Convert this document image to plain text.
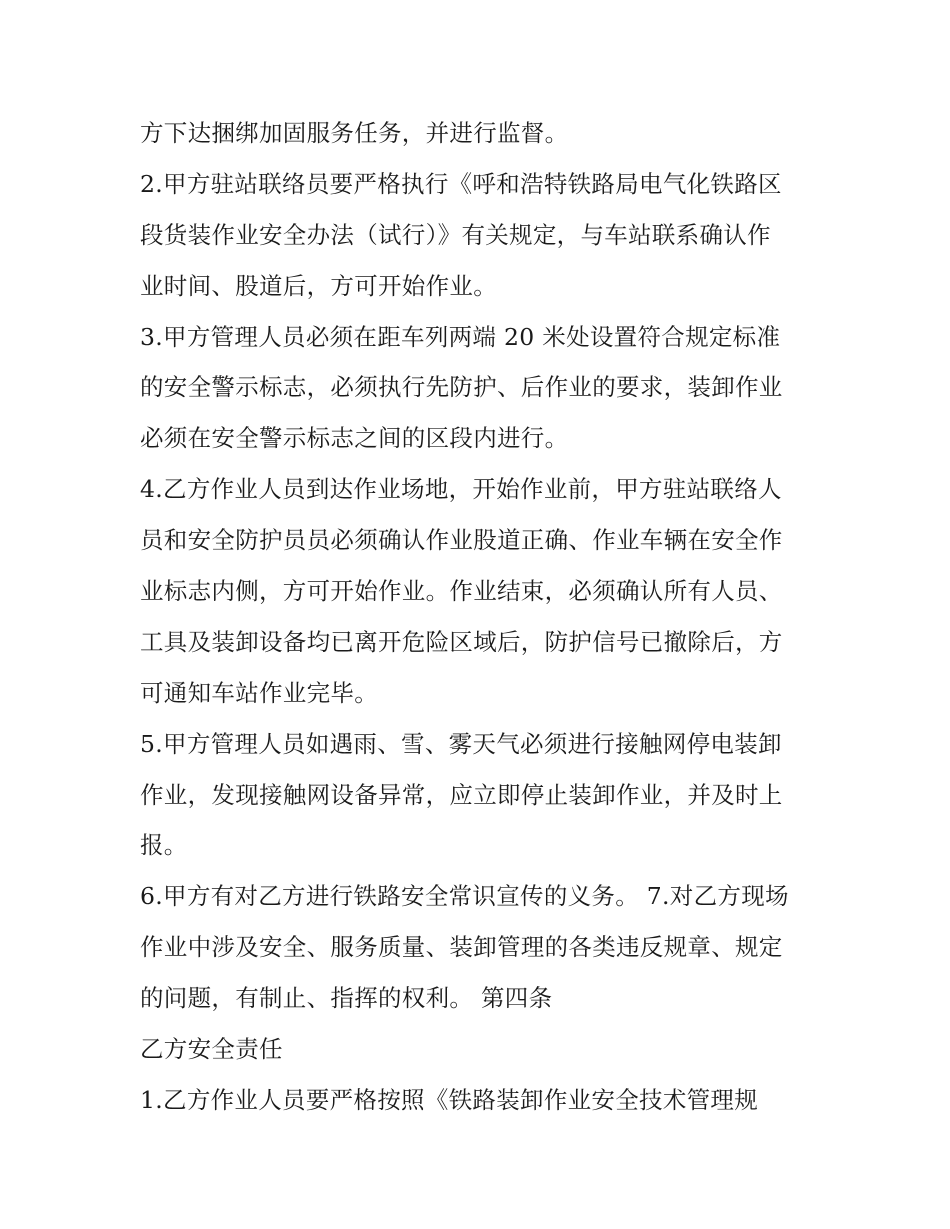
方下达捆绑加固服务任务，并进行监督。
2.甲方驻站联络员要严格执行《呼和浩特铁路局电气化铁路区
段货装作业安全办法（试行）》有关规定，与车站联系确认作
业时间、股道后，方可开始作业。
3.甲方管理人员必须在距车列两端 20 米处设置符合规定标准
的安全警示标志，必须执行先防护、后作业的要求，装卸作业
必须在安全警示标志之间的区段内进行。
4.乙方作业人员到达作业场地，开始作业前，甲方驻站联络人
员和安全防护员员必须确认作业股道正确、作业车辆在安全作
业标志内侧，方可开始作业。作业结束，必须确认所有人员、
工具及装卸设备均已离开危险区域后，防护信号已撤除后，方
可通知车站作业完毕。
5.甲方管理人员如遇雨、雪、雾天气必须进行接触网停电装卸
作业，发现接触网设备异常，应立即停止装卸作业，并及时上
报。
6.甲方有对乙方进行铁路安全常识宣传的义务。 7.对乙方现场
作业中涉及安全、服务质量、装卸管理的各类违反规章、规定
的问题，有制止、指挥的权利。 第四条
乙方安全责任
1.乙方作业人员要严格按照《铁路装卸作业安全技术管理规
